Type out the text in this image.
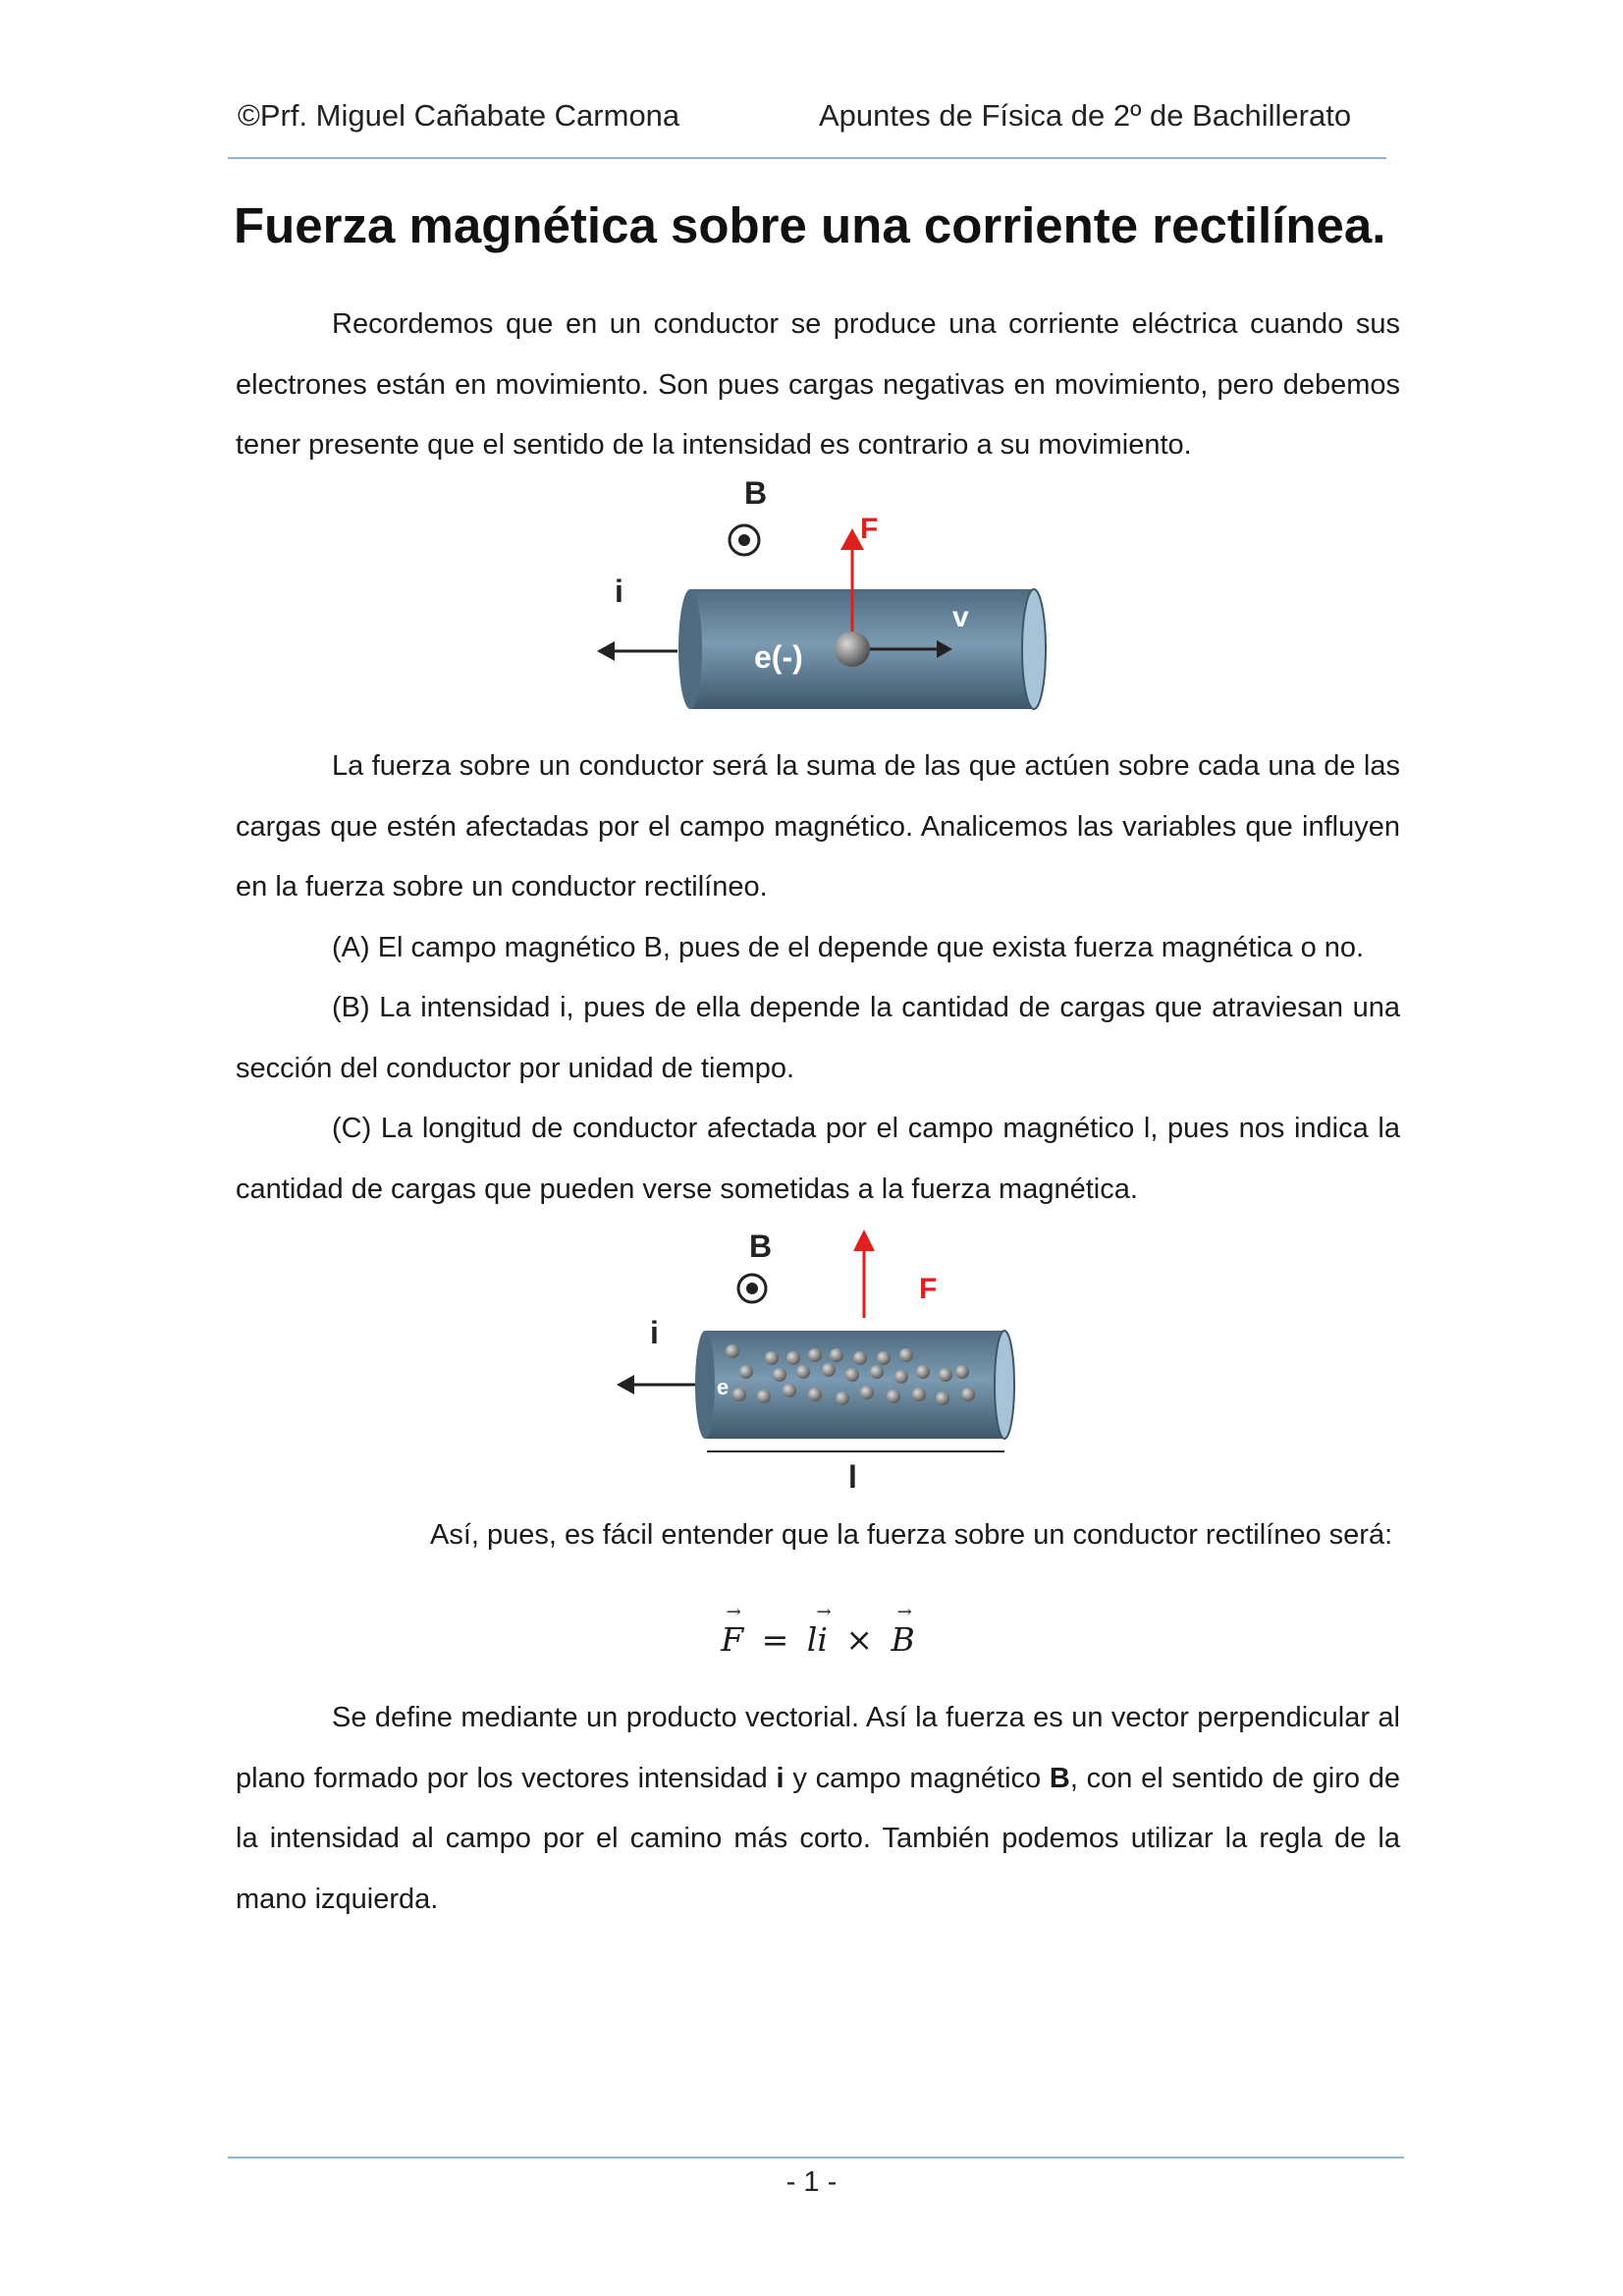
©Prf. Miguel Cañabate Carmona	Apuntes de Física de 2º de Bachillerato
Fuerza magnética sobre una corriente rectilínea.

Recordemos que en un conductor se produce una corriente eléctrica cuando sus electrones están en movimiento. Son pues cargas negativas en movimiento, pero debemos tener presente que el sentido de la intensidad es contrario a su movimiento.

B
F
i
v
e(-)

La fuerza sobre un conductor será la suma de las que actúen sobre cada una de las cargas que estén afectadas por el campo magnético. Analicemos las variables que influyen en la fuerza sobre un conductor rectilíneo.

(A) El campo magnético B, pues de el depende que exista fuerza magnética o no.

(B) La intensidad i, pues de ella depende la cantidad de cargas que atraviesan una sección del conductor por unidad de tiempo.

(C) La longitud de conductor afectada por el campo magnético l, pues nos indica la cantidad de cargas que pueden verse sometidas a la fuerza magnética.

B
F
i
e
l

Así, pues, es fácil entender que la fuerza sobre un conductor rectilíneo será:

→ F = l→ i × → B

Se define mediante un producto vectorial. Así la fuerza es un vector perpendicular al plano formado por los vectores intensidad i y campo magnético B, con el sentido de giro de la intensidad al campo por el camino más corto. También podemos utilizar la regla de la mano izquierda.

- 1 -
